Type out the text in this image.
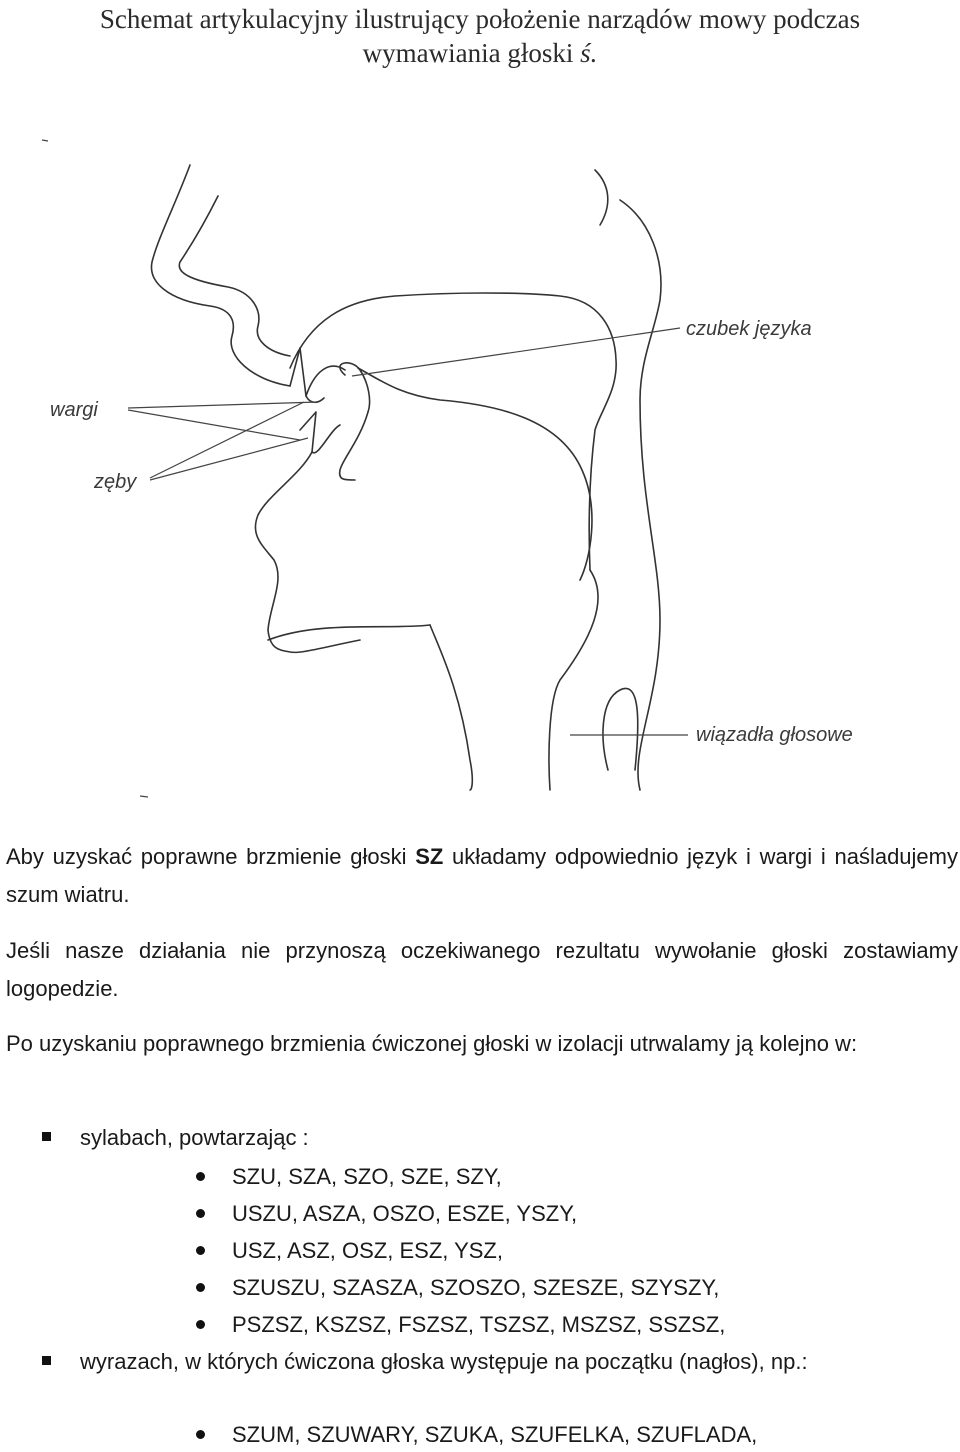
Schemat artykulacyjny ilustrujący położenie narządów mowy podczas
wymawiania głoski ś.
wargi
zęby
czubek języka
wiązadła głosowe

Aby uzyskać poprawne brzmienie głoski SZ układamy odpowiednio język i wargi i naśladujemy szum wiatru.

Jeśli nasze działania nie przynoszą oczekiwanego rezultatu wywołanie głoski zostawiamy logopedzie.

Po uzyskaniu poprawnego brzmienia ćwiczonej głoski w izolacji utrwalamy ją kolejno w:

sylabach, powtarzając :
SZU, SZA, SZO, SZE, SZY,
USZU, ASZA, OSZO, ESZE, YSZY,
USZ, ASZ, OSZ, ESZ, YSZ,
SZUSZU, SZASZA, SZOSZO, SZESZE, SZYSZY,
PSZSZ, KSZSZ, FSZSZ, TSZSZ, MSZSZ, SSZSZ,
wyrazach, w których ćwiczona głoska występuje na początku (nagłos), np.:
SZUM, SZUWARY, SZUKA, SZUFELKA, SZUFLADA,
